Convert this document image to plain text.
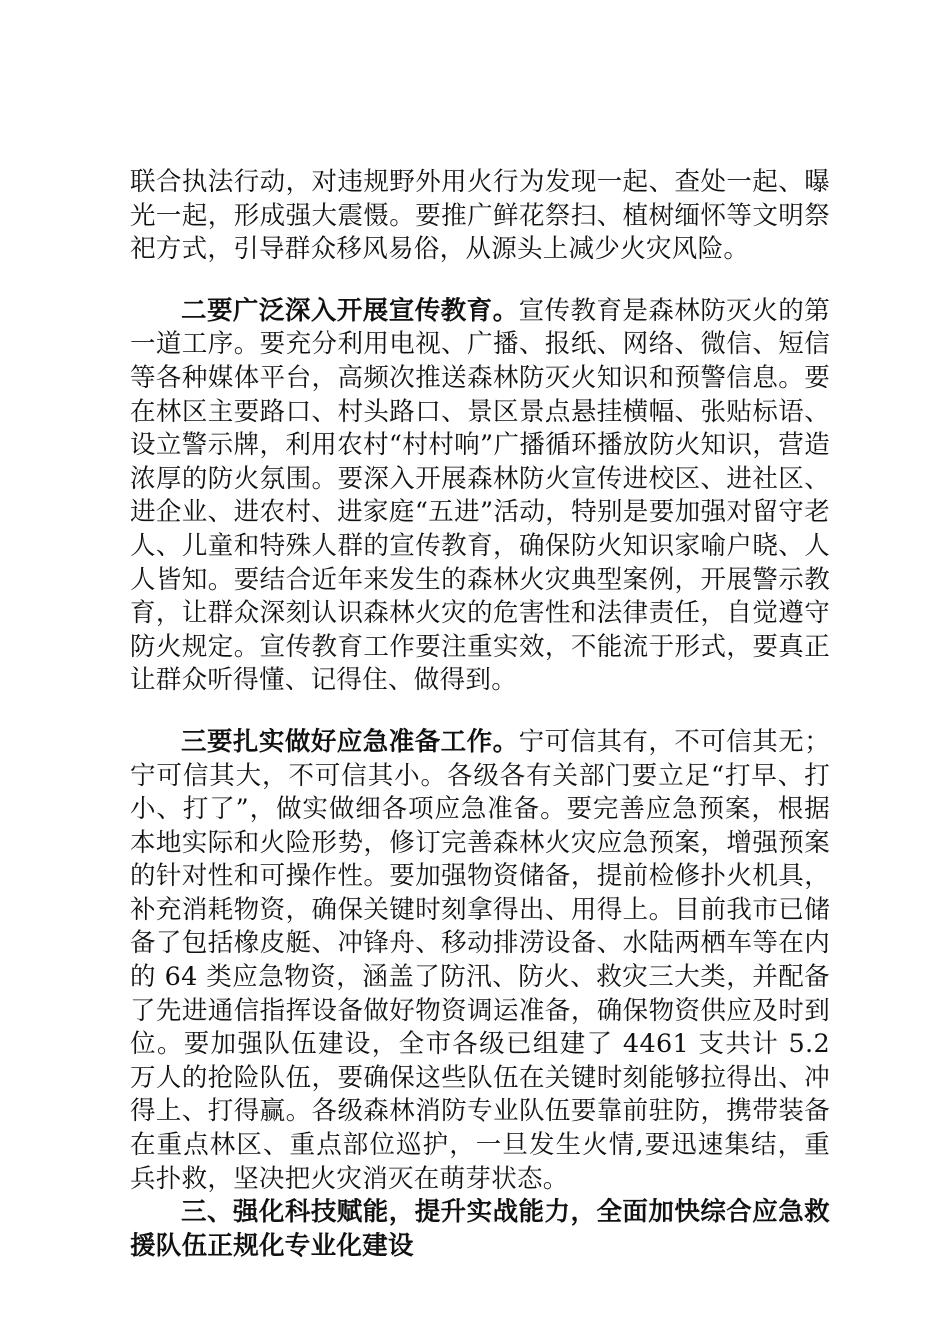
联合执法行动，对违规野外用火行为发现一起、查处一起、曝光一起，形成强大震慑。要推广鲜花祭扫、植树缅怀等文明祭祀方式，引导群众移风易俗，从源头上减少火灾风险。

二要广泛深入开展宣传教育。宣传教育是森林防灭火的第一道工序。要充分利用电视、广播、报纸、网络、微信、短信等各种媒体平台，高频次推送森林防灭火知识和预警信息。要在林区主要路口、村头路口、景区景点悬挂横幅、张贴标语、设立警示牌，利用农村“村村响”广播循环播放防火知识，营造浓厚的防火氛围。要深入开展森林防火宣传进校区、进社区、进企业、进农村、进家庭“五进”活动，特别是要加强对留守老人、儿童和特殊人群的宣传教育，确保防火知识家喻户晓、人人皆知。要结合近年来发生的森林火灾典型案例，开展警示教育，让群众深刻认识森林火灾的危害性和法律责任，自觉遵守防火规定。宣传教育工作要注重实效，不能流于形式，要真正让群众听得懂、记得住、做得到。

三要扎实做好应急准备工作。宁可信其有，不可信其无；宁可信其大，不可信其小。各级各有关部门要立足“打早、打小、打了”，做实做细各项应急准备。要完善应急预案，根据本地实际和火险形势，修订完善森林火灾应急预案，增强预案的针对性和可操作性。要加强物资储备，提前检修扑火机具，补充消耗物资，确保关键时刻拿得出、用得上。目前我市已储备了包括橡皮艇、冲锋舟、移动排涝设备、水陆两栖车等在内的 64 类应急物资，涵盖了防汛、防火、救灾三大类，并配备了先进通信指挥设备做好物资调运准备，确保物资供应及时到位。要加强队伍建设，全市各级已组建了 4461 支共计 5.2 万人的抢险队伍，要确保这些队伍在关键时刻能够拉得出、冲得上、打得赢。各级森林消防专业队伍要靠前驻防，携带装备在重点林区、重点部位巡护，一旦发生火情,要迅速集结，重兵扑救，坚决把火灾消灭在萌芽状态。

三、强化科技赋能，提升实战能力，全面加快综合应急救援队伍正规化专业化建设
